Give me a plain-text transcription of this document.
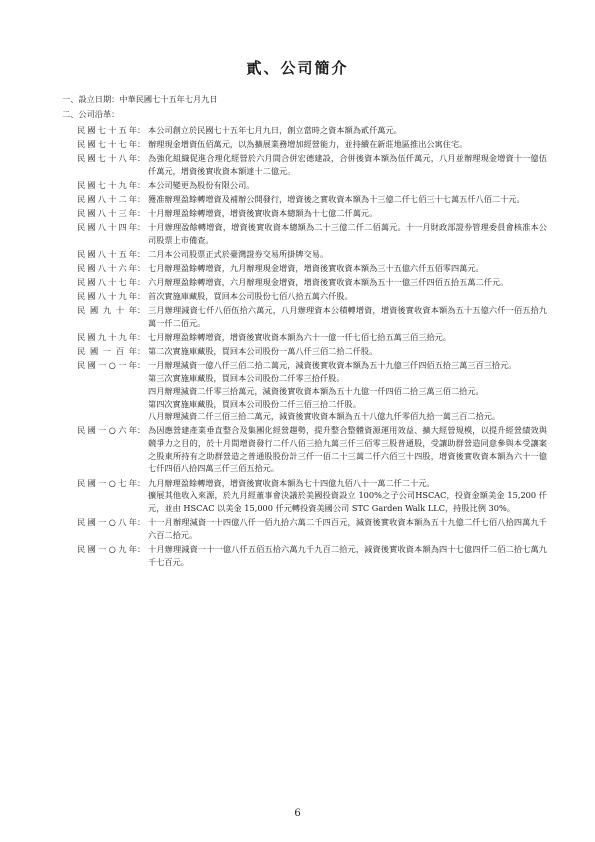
貳、公司簡介
一、設立日期：中華民國七十五年七月九日
二、公司沿革：
民國七十五年 ： 本公司創立於民國七十五年七月九日，創立當時之資本額為貳仟萬元。
民國七十七年 ： 辦理現金增資伍佰萬元，以為擴展業務增加經營能力，並持續在新莊地區推出公寓住宅。
民國七十八年 ： 為強化組織促進合理化經營於六月間合併宏德建設，合併後資本額為伍仟萬元，八月並辦理現金增資十一億伍仟萬元，增資後實收資本額達十二億元。
民國七十九年 ： 本公司變更為股份有限公司。
民國八十二年 ： 獲准辦理盈餘轉增資及補辦公開發行，增資後之實收資本額為十三億二仟七佰三十七萬五仟八佰二十元。
民國八十三年 ： 十月辦理盈餘轉增資，增資後實收資本總額為十七億二仟萬元。
民國八十四年 ： 十月辦理盈餘轉增資，增資後實收資本總額為二十三億二仟二佰萬元。十一月財政部證券管理委員會核准本公司股票上市備查。
民國八十五年 ： 二月本公司股票正式於臺灣證券交易所掛牌交易。
民國八十六年 ： 七月辦理盈餘轉增資，九月辦理現金增資，增資後實收資本額為三十五億六仟五佰零四萬元。
民國八十七年 ： 六月辦理盈餘轉增資，六月辦理現金增資，增資後實收資本額為五十一億三仟四佰五拾五萬二仟元。
民國八十九年 ： 首次實施庫藏股，買回本公司股份七佰八拾五萬六仟股。
民國九十年 ： 三月辦理減資七仟八佰伍拾六萬元，八月辦理資本公積轉增資，增資後實收資本額為五十五億六仟一佰五拾九萬一仟二佰元。
民國九十九年 ： 七月辦理盈餘轉增資，增資後實收資本額為六十一億一仟七佰七拾五萬三佰三拾元。
民國一百年 ： 第二次實施庫藏股，買回本公司股份一萬八仟三佰二拾二仟股。
民國一○一年 ： 一月辦理減資一億八仟三佰二拾二萬元，減資後實收資本額為五十九億三仟四佰五拾三萬三百三拾元。
第三次實施庫藏股，買回本公司股份二仟零三拾仟股。
四月辦理減資二仟零三拾萬元，減資後實收資本額為五十九億一仟四佰二拾三萬三佰二拾元。
第四次實施庫藏股，買回本公司股份二仟三佰三拾二仟股。
八月辦理減資二仟三佰三拾二萬元，減資後實收資本額為五十八億九仟零佰九拾一萬三百二拾元。
民國一○六年 ： 為因應營建產業垂直整合及集團化經營趨勢，提升整合整體資源運用效益、擴大經營規模，以提升經營績效與競爭力之目的，於十月間增資發行二仟八佰三拾九萬三仟三佰零三股普通股，受讓助群營造同意參與本受讓案之股東所持有之助群營造之普通股股份計三仟一佰二十三萬二仟六佰三十四股，增資後實收資本額為六十一億七仟四佰八拾四萬三仟三佰五拾元。
民國一○七年 ： 九月辦理盈餘轉增資，增資後實收資本額為七十四億九佰八十一萬二仟二十元。
擴展其他收入來源，於九月經董事會決議於美國投資設立 100%之子公司HSCAC，投資金額美金 15,200 仟元，並由 HSCAC 以美金 15,000 仟元轉投資美國公司 STC Garden Walk LLC，持股比例 30%。
民國一○八年 ： 十一月辦理減資一十四億八仟一佰九拾六萬二千四百元，減資後實收資本額為五十九億二仟七佰八拾四萬九千六百二拾元。
民國一○九年 ： 十月辦理減資一十一億八仟五佰五拾六萬九千九百二拾元，減資後實收資本額為四十七億四仟二佰二拾七萬九千七百元。
6
